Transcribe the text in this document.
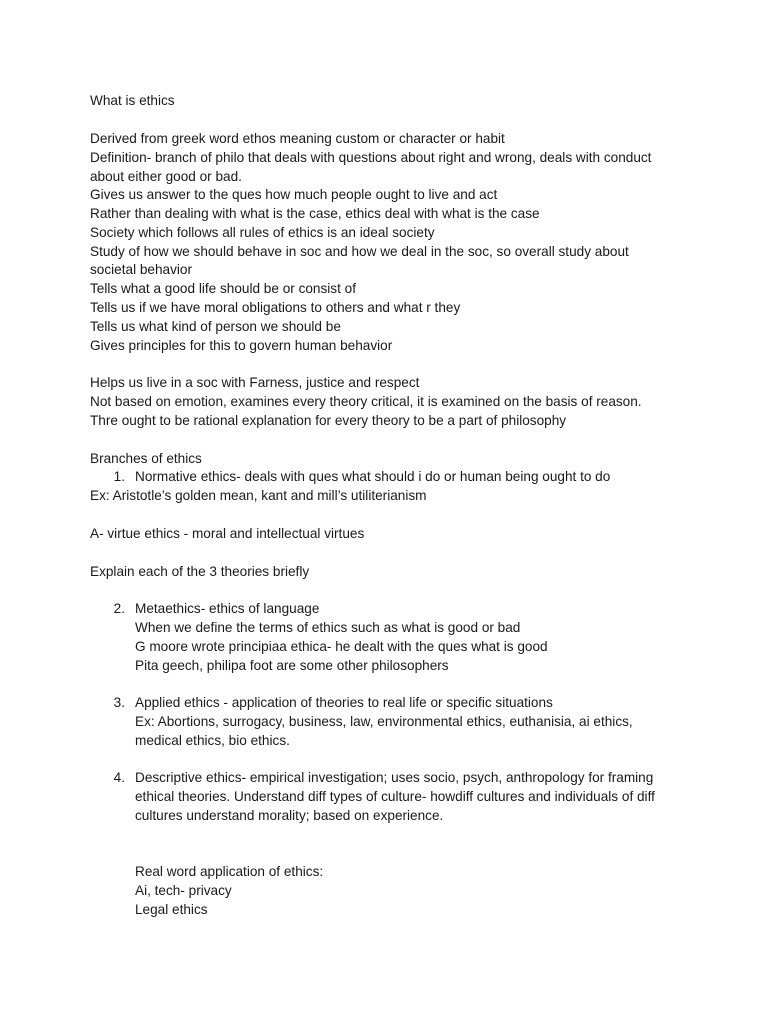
What is ethics
Derived from greek word ethos meaning custom or character or habit
Definition- branch of philo that deals with questions about right and wrong, deals with conduct
about either good or bad.
Gives us answer to the ques how much people ought to live and act
Rather than dealing with what is the case, ethics deal with what is the case
Society which follows all rules of ethics is an ideal society
Study of how we should behave in soc and how we deal in the soc, so overall study about
societal behavior
Tells what a good life should be or consist of
Tells us if we have moral obligations to others and what r they
Tells us what kind of person we should be
Gives principles for this to govern human behavior
Helps us live in a soc with Farness, justice and respect
Not based on emotion, examines every theory critical, it is examined on the basis of reason.
Thre ought to be rational explanation for every theory to be a part of philosophy
Branches of ethics
1. Normative ethics- deals with ques what should i do or human being ought to do
Ex: Aristotle’s golden mean, kant and mill’s utiliterianism
A- virtue ethics - moral and intellectual virtues
Explain each of the 3 theories briefly
2. Metaethics- ethics of language
When we define the terms of ethics such as what is good or bad
G moore wrote principiaa ethica- he dealt with the ques what is good
Pita geech, philipa foot are some other philosophers
3. Applied ethics - application of theories to real life or specific situations
Ex: Abortions, surrogacy, business, law, environmental ethics, euthanisia, ai ethics,
medical ethics, bio ethics.
4. Descriptive ethics- empirical investigation; uses socio, psych, anthropology for framing
ethical theories. Understand diff types of culture- howdiff cultures and individuals of diff
cultures understand morality; based on experience.
Real word application of ethics:
Ai, tech- privacy
Legal ethics
